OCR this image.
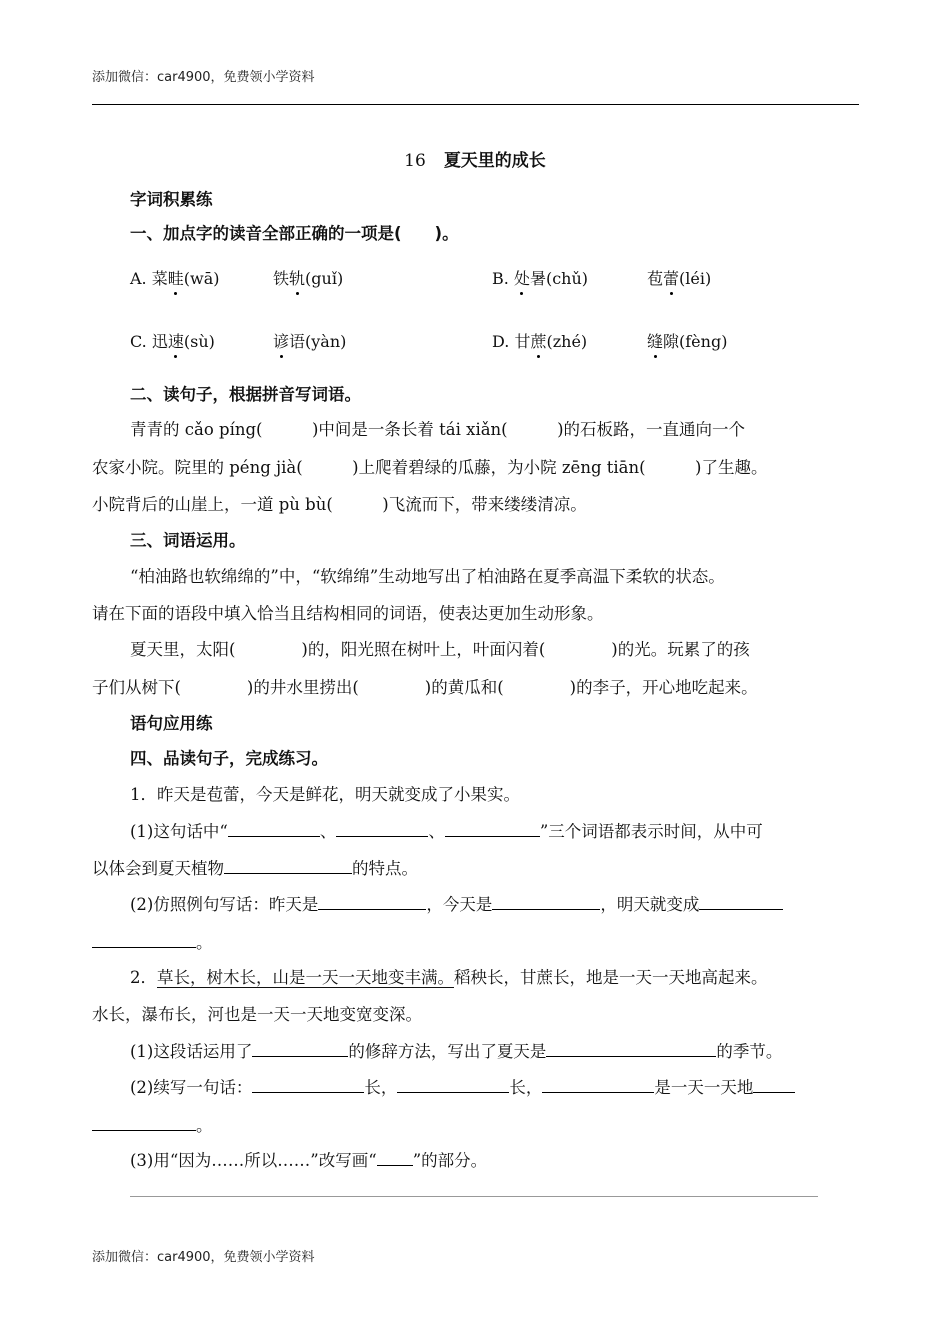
添加微信：car4900，免费领小学资料
16 夏天里的成长
字词积累练
一、加点字的读音全部正确的一项是(　　)。
A. 菜畦(wā)	铁轨(guǐ)	B. 处暑(chǔ)	苞蕾(léi)
C. 迅速(sù)	谚语(yàn)	D. 甘蔗(zhé)	缝隙(fèng)
二、读句子，根据拼音写词语。
青青的 cǎo píng(　　　)中间是一条长着 tái xiǎn(　　　)的石板路，一直通向一个
农家小院。院里的 péng jià(　　　)上爬着碧绿的瓜藤，为小院 zēng tiān(　　　)了生趣。
小院背后的山崖上，一道 pù bù(　　　)飞流而下，带来缕缕清凉。
三、词语运用。
“柏油路也软绵绵的”中，“软绵绵”生动地写出了柏油路在夏季高温下柔软的状态。
请在下面的语段中填入恰当且结构相同的词语，使表达更加生动形象。
夏天里，太阳(　　　　)的，阳光照在树叶上，叶面闪着(　　　　)的光。玩累了的孩
子们从树下(　　　　)的井水里捞出(　　　　)的黄瓜和(　　　　)的李子，开心地吃起来。
语句应用练
四、品读句子，完成练习。
1．昨天是苞蕾，今天是鲜花，明天就变成了小果实。
(1)这句话中“	、	、	”三个词语都表示时间，从中可
以体会到夏天植物	的特点。
(2)仿照例句写话：昨天是	，今天是	，明天就变成
。
2．草长，树木长，山是一天一天地变丰满。稻秧长，甘蔗长，地是一天一天地高起来。
水长，瀑布长，河也是一天一天地变宽变深。
(1)这段话运用了	的修辞方法，写出了夏天是	的季节。
(2)续写一句话：	长，	长，	是一天一天地
。
(3)用“因为……所以……”改写画“ ”的部分。
添加微信：car4900，免费领小学资料
